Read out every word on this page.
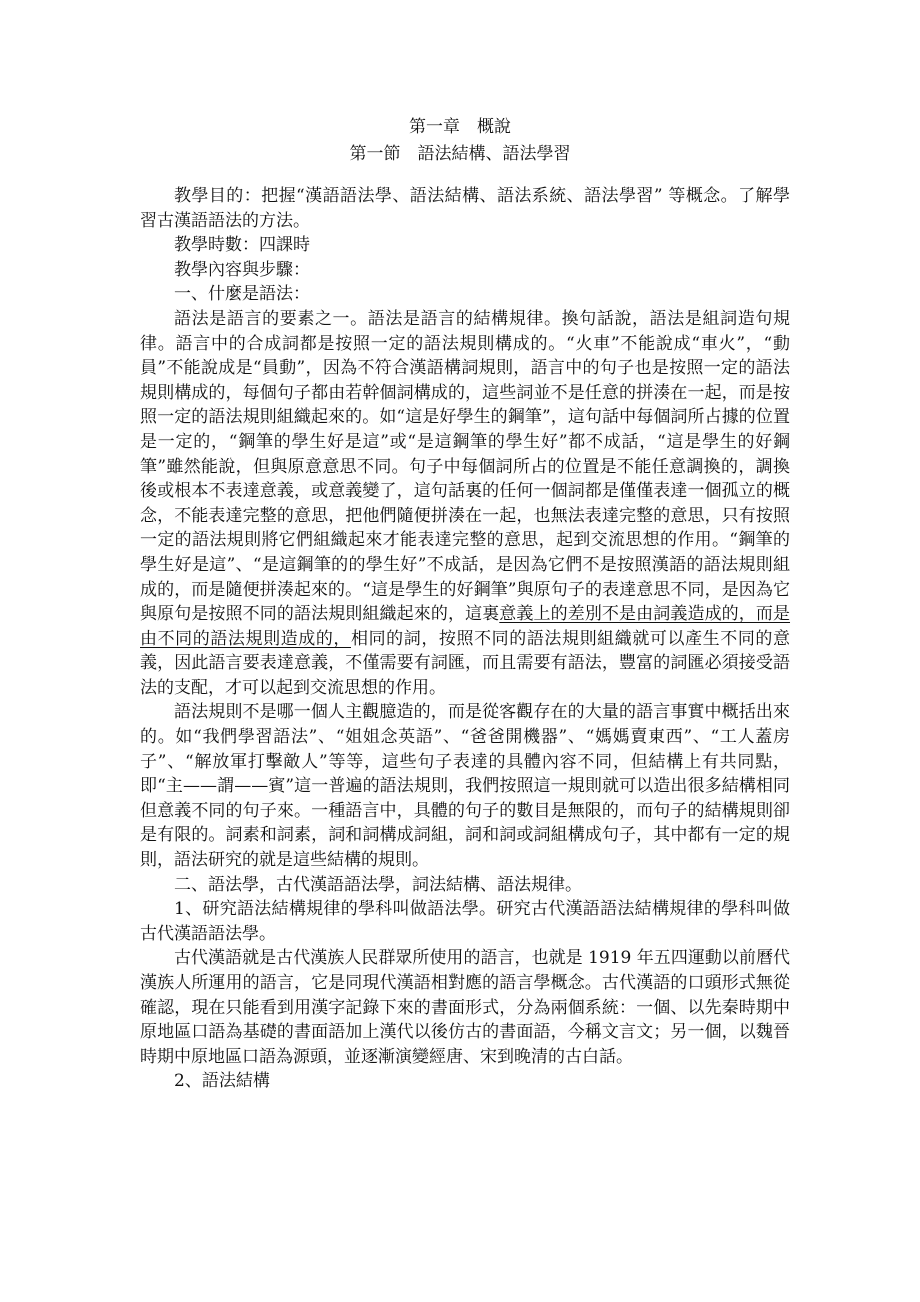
第一章　概說
第一節　語法結構、語法學習

教學目的：把握“漢語語法學、語法結構、語法系統、語法學習” 等概念。了解學習古漢語語法的方法。

教學時數：四課時

教學內容與步驟：

一、什麼是語法：

語法是語言的要素之一。語法是語言的結構規律。換句話說，語法是組詞造句規律。語言中的合成詞都是按照一定的語法規則構成的。“火車”不能說成“車火”，“動員”不能說成是“員動”，因為不符合漢語構詞規則，語言中的句子也是按照一定的語法規則構成的，每個句子都由若幹個詞構成的，這些詞並不是任意的拼湊在一起，而是按照一定的語法規則組織起來的。如“這是好學生的鋼筆”，這句話中每個詞所占據的位置是一定的，“鋼筆的學生好是這”或“是這鋼筆的學生好”都不成話，“這是學生的好鋼筆”雖然能說，但與原意意思不同。句子中每個詞所占的位置是不能任意調換的，調換後或根本不表達意義，或意義變了，這句話裏的任何一個詞都是僅僅表達一個孤立的概念，不能表達完整的意思，把他們隨便拼湊在一起，也無法表達完整的意思，只有按照一定的語法規則將它們組織起來才能表達完整的意思，起到交流思想的作用。“鋼筆的學生好是這”、“是這鋼筆的的學生好”不成話，是因為它們不是按照漢語的語法規則組成的，而是隨便拼湊起來的。“這是學生的好鋼筆”與原句子的表達意思不同，是因為它與原句是按照不同的語法規則組織起來的，這裏意義上的差別不是由詞義造成的，而是由不同的語法規則造成的，相同的詞，按照不同的語法規則組織就可以產生不同的意義，因此語言要表達意義，不僅需要有詞匯，而且需要有語法，豐富的詞匯必須接受語法的支配，才可以起到交流思想的作用。

語法規則不是哪一個人主觀臆造的，而是從客觀存在的大量的語言事實中概括出來的。如“我們學習語法”、“姐姐念英語”、“爸爸開機器”、“媽媽賣東西”、“工人蓋房子”、“解放軍打擊敵人”等等，這些句子表達的具體內容不同，但結構上有共同點，即“主——謂——賓”這一普遍的語法規則，我們按照這一規則就可以造出很多結構相同但意義不同的句子來。一種語言中，具體的句子的數目是無限的，而句子的結構規則卻是有限的。詞素和詞素，詞和詞構成詞組，詞和詞或詞組構成句子，其中都有一定的規則，語法研究的就是這些結構的規則。

二、語法學，古代漢語語法學，詞法結構、語法規律。

1、研究語法結構規律的學科叫做語法學。研究古代漢語語法結構規律的學科叫做古代漢語語法學。

古代漢語就是古代漢族人民群眾所使用的語言，也就是 1919 年五四運動以前曆代漢族人所運用的語言，它是同現代漢語相對應的語言學概念。古代漢語的口頭形式無從確認，現在只能看到用漢字記錄下來的書面形式，分為兩個系統：一個、以先秦時期中原地區口語為基礎的書面語加上漢代以後仿古的書面語，今稱文言文；另一個，以魏晉時期中原地區口語為源頭，並逐漸演變經唐、宋到晚清的古白話。

2、語法結構
